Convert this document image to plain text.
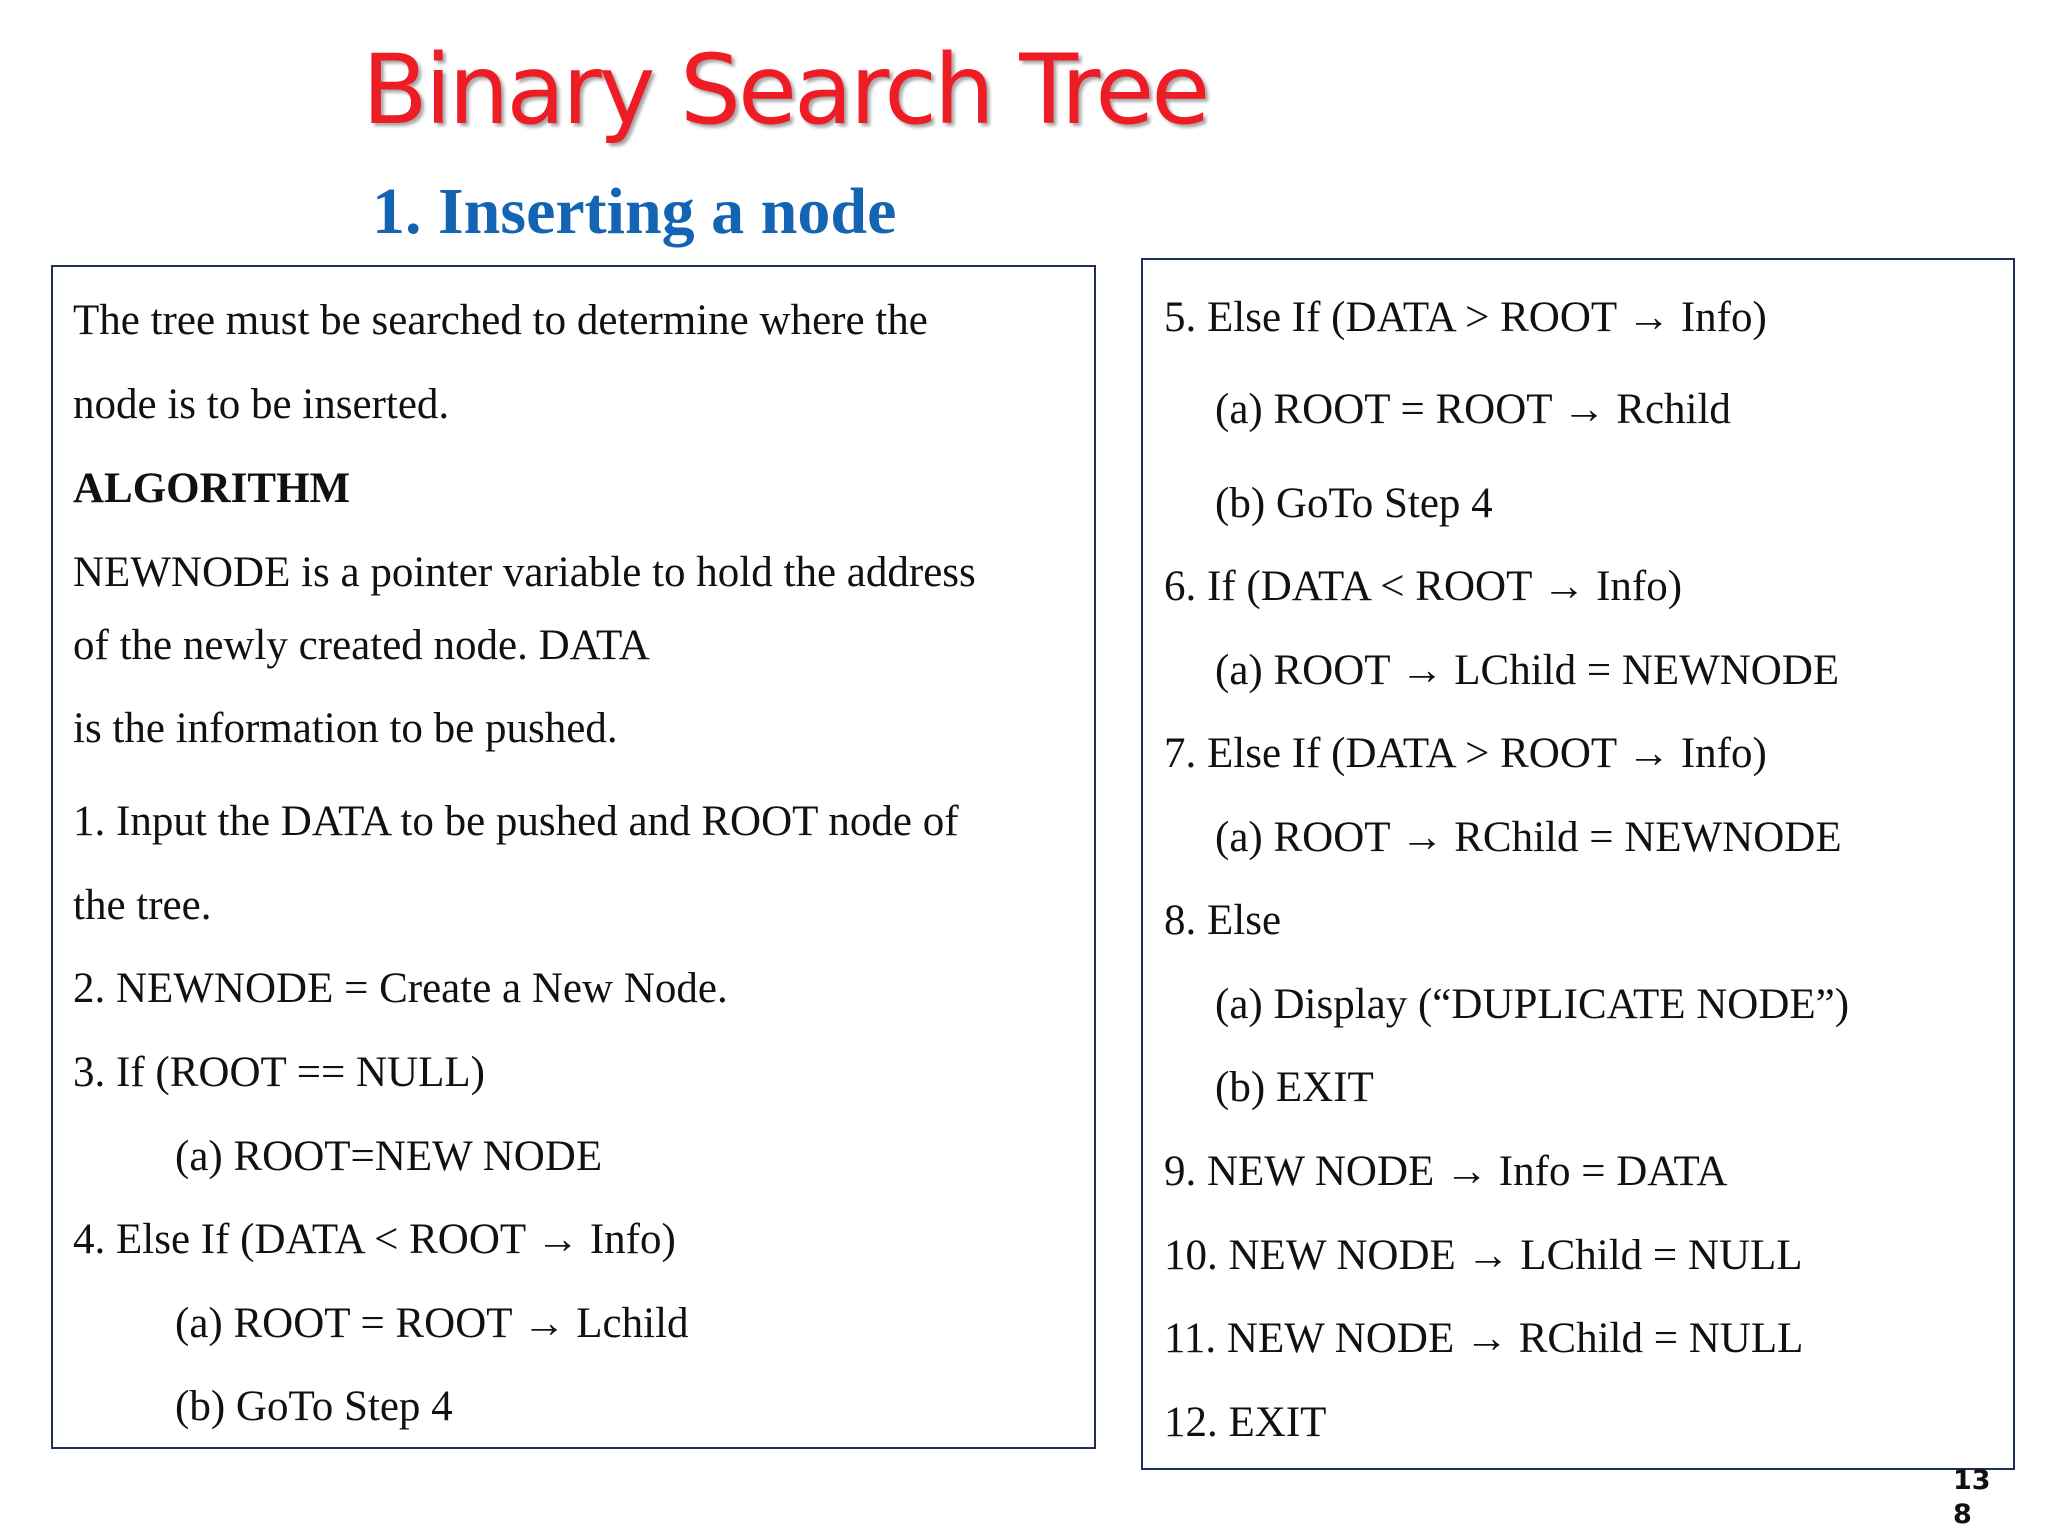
Binary Search Tree
1. Inserting a node
The tree must be searched to determine where the
node is to be inserted.
ALGORITHM
NEWNODE is a pointer variable to hold the address
of the newly created node. DATA
is the information to be pushed.
1. Input the DATA to be pushed and ROOT node of
the tree.
2. NEWNODE = Create a New Node.
3. If (ROOT == NULL)
(a) ROOT=NEW NODE
4. Else If (DATA < ROOT → Info)
(a) ROOT = ROOT → Lchild
(b) GoTo Step 4
5. Else If (DATA > ROOT → Info)
(a) ROOT = ROOT → Rchild
(b) GoTo Step 4
6. If (DATA < ROOT → Info)
(a) ROOT → LChild = NEWNODE
7. Else If (DATA > ROOT → Info)
(a) ROOT → RChild = NEWNODE
8. Else
(a) Display (“DUPLICATE NODE”)
(b) EXIT
9. NEW NODE → Info = DATA
10. NEW NODE → LChild = NULL
11. NEW NODE → RChild = NULL
12. EXIT
13
8
